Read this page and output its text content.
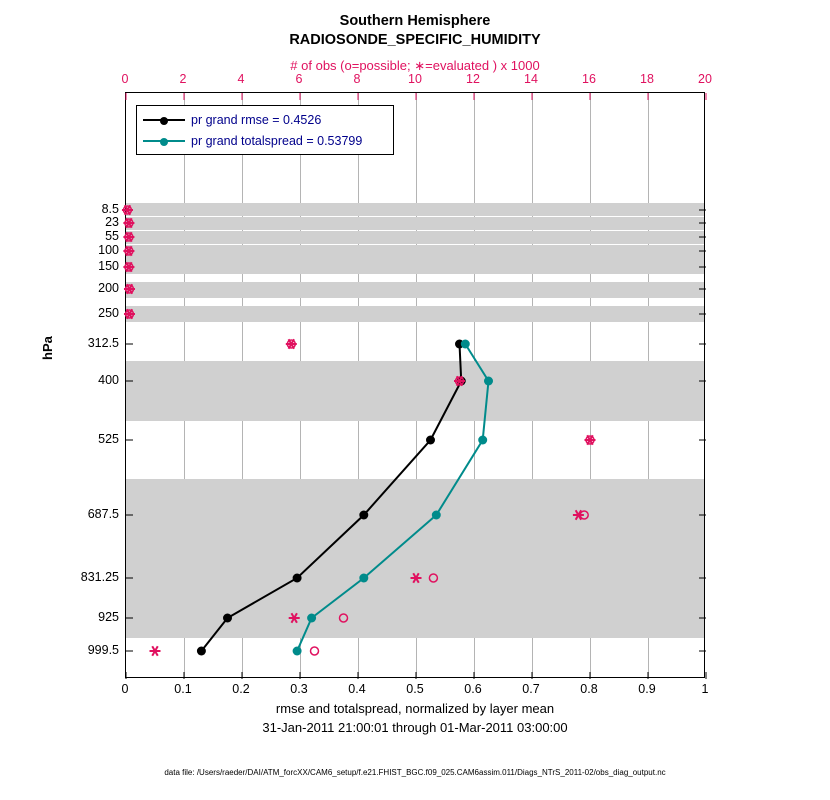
Southern Hemisphere
RADIOSONDE_SPECIFIC_HUMIDITY
# of obs (o=possible; ∗=evaluated ) x 1000
0	2	4	6	8	10	12	14	16	18	20
hPa
8.5
23
55
100
150
200
250
312.5
400
525
687.5
831.25
925
999.5
pr grand rmse = 0.4526
pr grand totalspread = 0.53799
0	0.1	0.2	0.3	0.4	0.5	0.6	0.7	0.8	0.9	1
rmse and totalspread, normalized by layer mean
31-Jan-2011 21:00:01 through 01-Mar-2011 03:00:00
data file: /Users/raeder/DAI/ATM_forcXX/CAM6_setup/f.e21.FHIST_BGC.f09_025.CAM6assim.011/Diags_NTrS_2011-02/obs_diag_output.nc
